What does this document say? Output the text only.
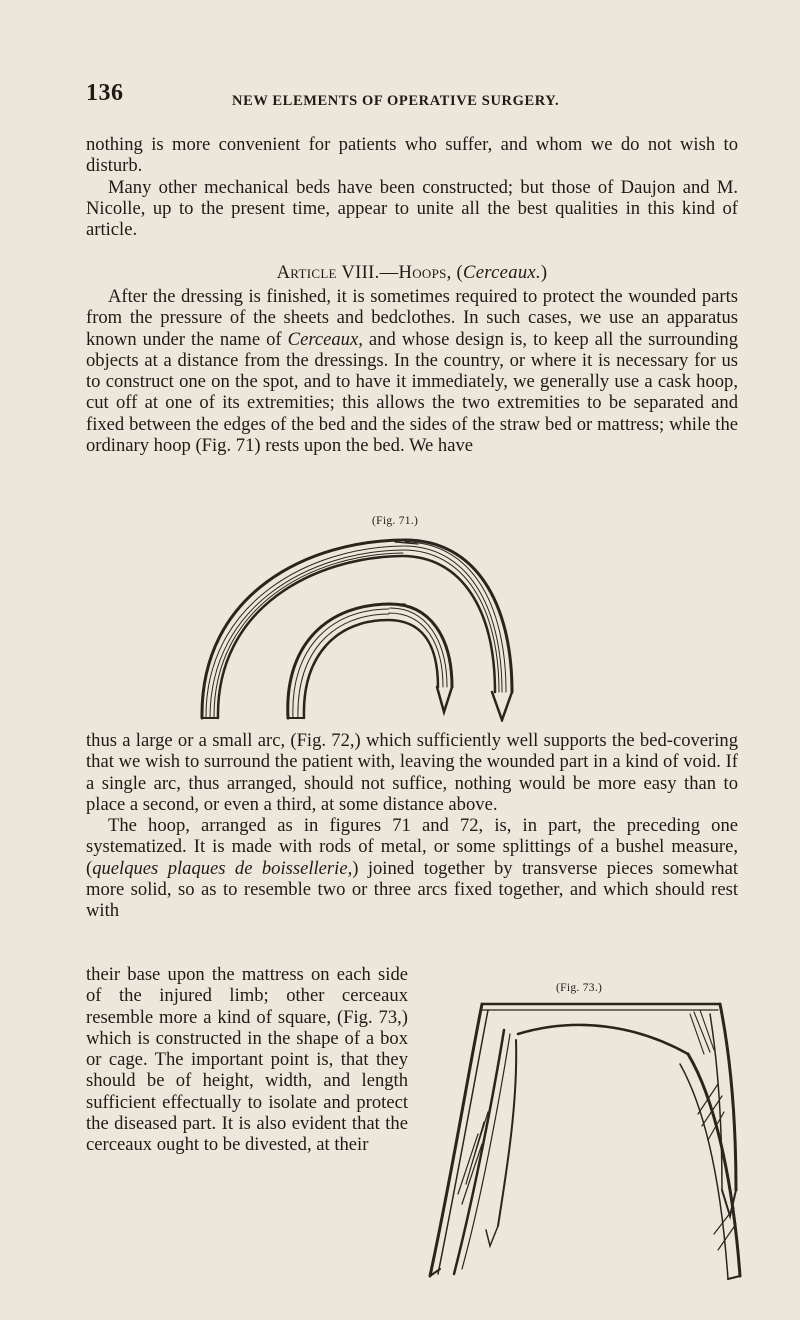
136	NEW ELEMENTS OF OPERATIVE SURGERY.

nothing is more convenient for patients who suffer, and whom we do not wish to disturb.

Many other mechanical beds have been constructed; but those of Daujon and M. Nicolle, up to the present time, appear to unite all the best qualities in this kind of article.

Article VIII.—Hoops, (Cerceaux.)

After the dressing is finished, it is sometimes required to protect the wounded parts from the pressure of the sheets and bedclothes. In such cases, we use an apparatus known under the name of Cerceaux, and whose design is, to keep all the surrounding objects at a distance from the dressings. In the country, or where it is necessary for us to construct one on the spot, and to have it immediately, we generally use a cask hoop, cut off at one of its extremities; this allows the two extremities to be separated and fixed between the edges of the bed and the sides of the straw bed or mattress; while the ordinary hoop (Fig. 71) rests upon the bed. We have

(Fig. 71.)

thus a large or a small arc, (Fig. 72,) which sufficiently well supports the bed-covering that we wish to surround the patient with, leaving the wounded part in a kind of void. If a single arc, thus arranged, should not suffice, nothing would be more easy than to place a second, or even a third, at some distance above.

The hoop, arranged as in figures 71 and 72, is, in part, the preceding one systematized. It is made with rods of metal, or some splittings of a bushel measure,(quelques plaques de boissellerie,) joined together by transverse pieces somewhat more solid, so as to resemble two or three arcs fixed together, and which should rest with

their base upon the mattress on each side of the injured limb; other cerceaux resemble more a kind of square, (Fig. 73,) which is constructed in the shape of a box or cage. The important point is, that they should be of height, width, and length sufficient effectually to isolate and protect the diseased part. It is also evident that the cerceaux ought to be divested, at their

(Fig. 73.)
